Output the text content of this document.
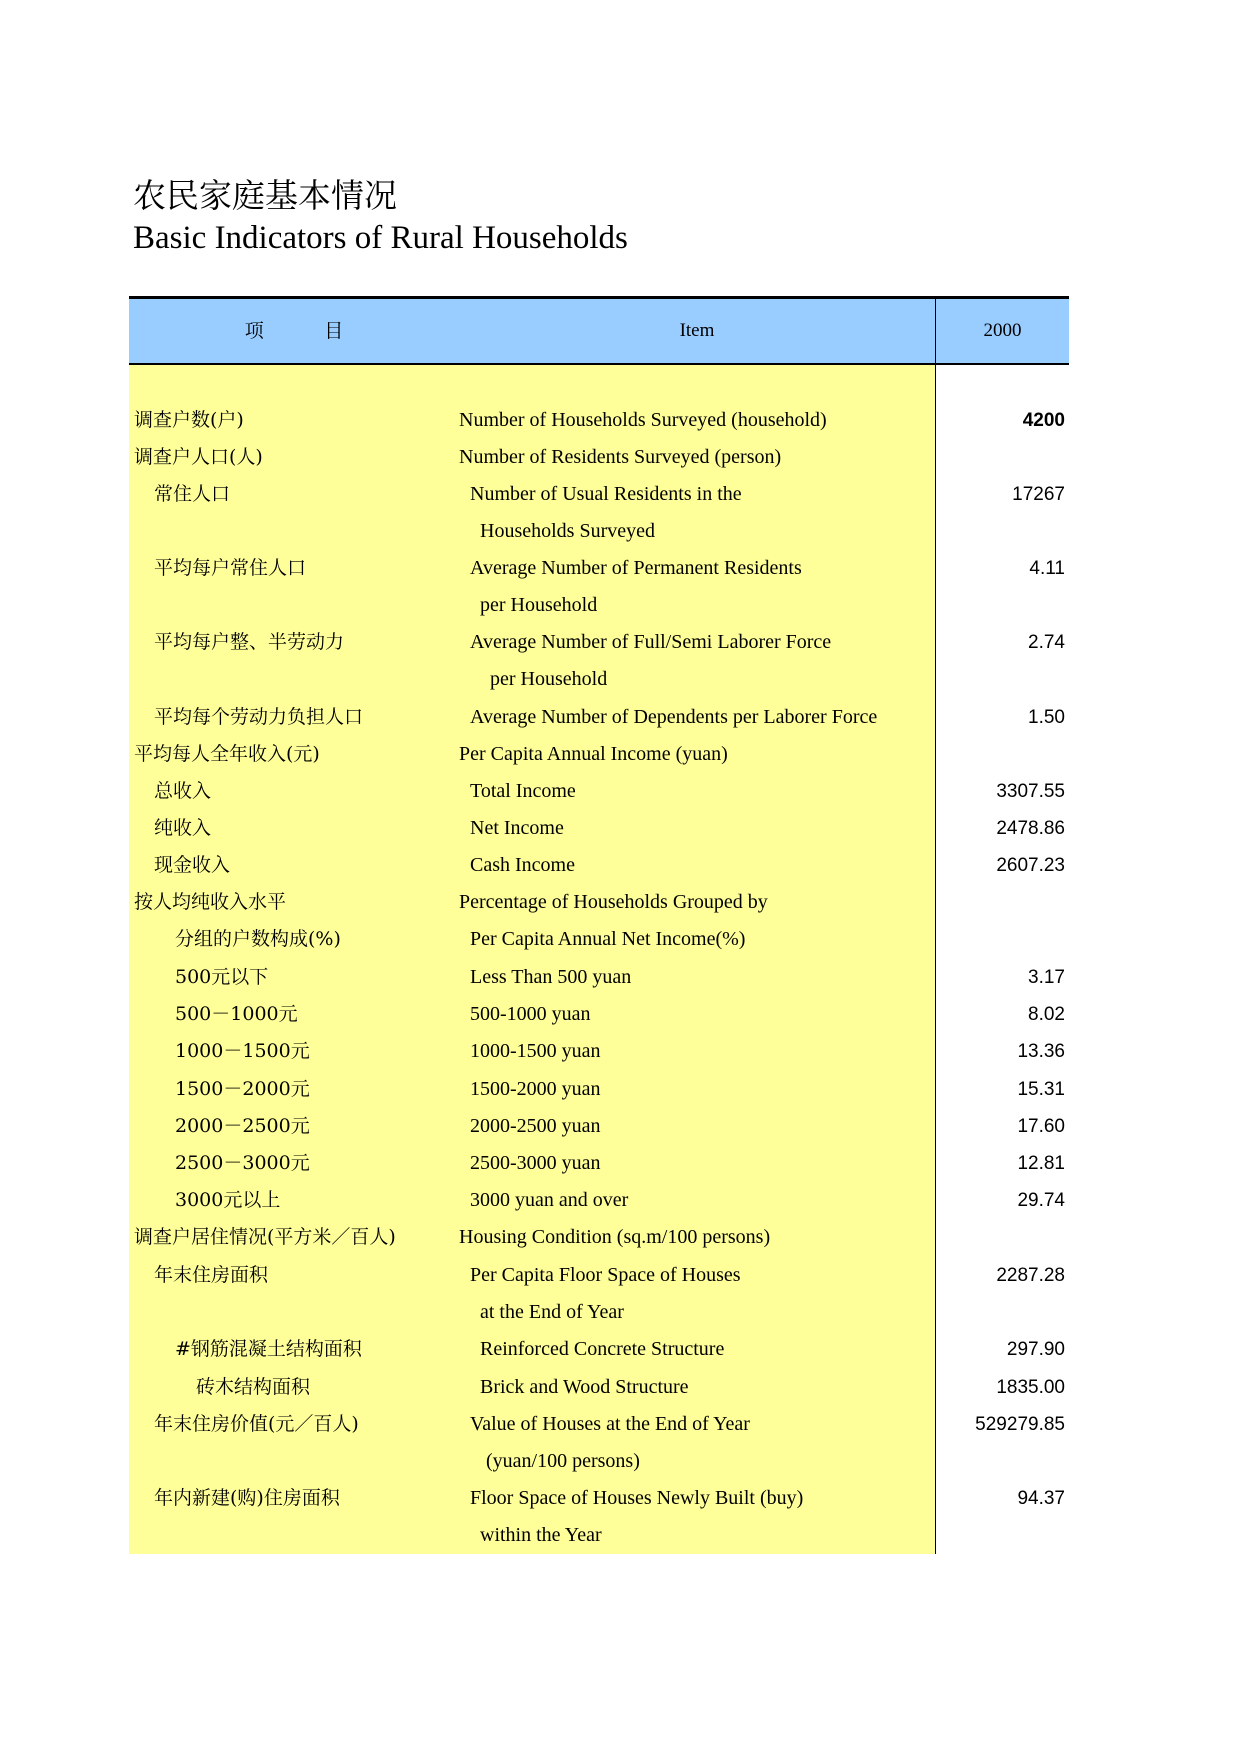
农民家庭基本情况
Basic Indicators of Rural Households
项          目	Item	2000
调查户数(户)	Number of Households Surveyed (household)	4200
调查户人口(人)	Number of Residents Surveyed (person)
常住人口	Number of Usual Residents in the	17267
Households Surveyed
平均每户常住人口	Average Number of Permanent Residents	4.11
per Household
平均每户整、半劳动力	Average Number of Full/Semi Laborer Force	2.74
per Household
平均每个劳动力负担人口	Average Number of Dependents per Laborer Force	1.50
平均每人全年收入(元)	Per Capita Annual Income (yuan)
总收入	Total Income	3307.55
纯收入	Net Income	2478.86
现金收入	Cash Income	2607.23
按人均纯收入水平	Percentage of Households Grouped by
分组的户数构成(%)	Per Capita Annual Net Income(%)
500元以下	Less Than 500 yuan	3.17
500－1000元	500-1000 yuan	8.02
1000－1500元	1000-1500 yuan	13.36
1500－2000元	1500-2000 yuan	15.31
2000－2500元	2000-2500 yuan	17.60
2500－3000元	2500-3000 yuan	12.81
3000元以上	3000 yuan and over	29.74
调查户居住情况(平方米／百人)	Housing Condition (sq.m/100 persons)
年末住房面积	Per Capita Floor Space of Houses	2287.28
at the End of Year
#钢筋混凝土结构面积	Reinforced Concrete Structure	297.90
砖木结构面积	Brick and Wood Structure	1835.00
年末住房价值(元／百人)	Value of Houses at the End of Year	529279.85
(yuan/100 persons)
年内新建(购)住房面积	Floor Space of Houses Newly Built (buy)	94.37
within the Year
